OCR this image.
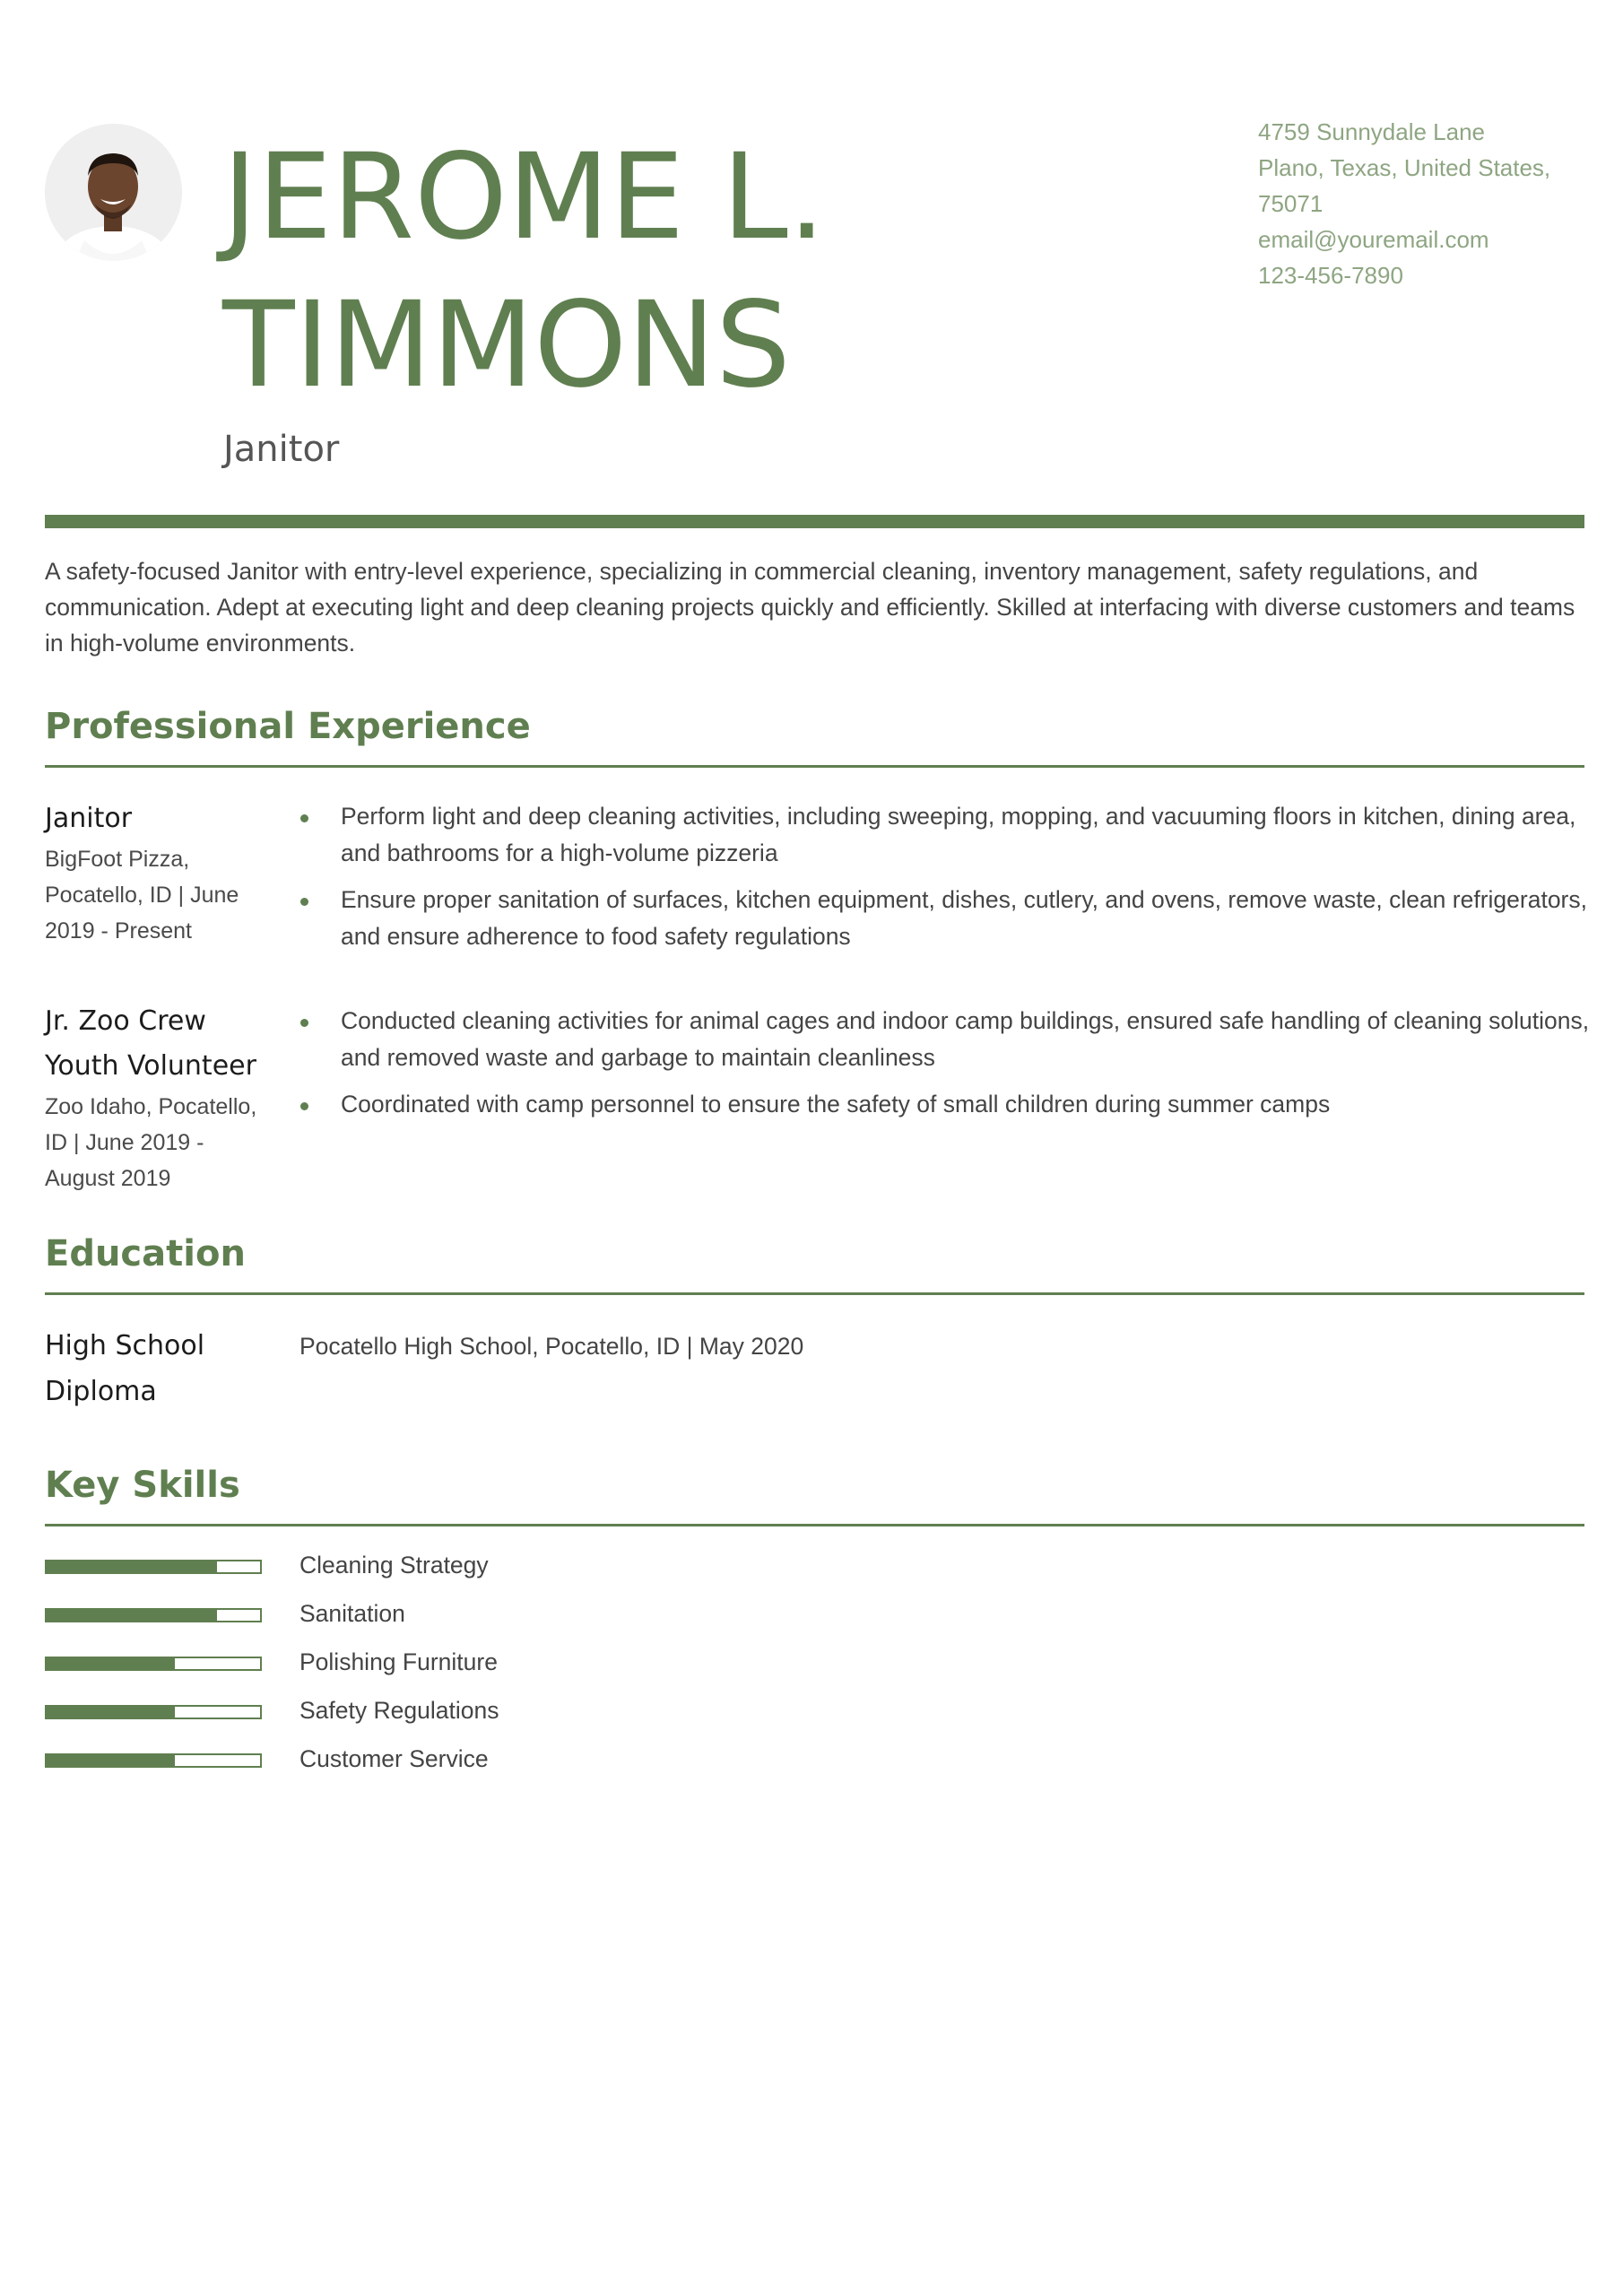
JEROME L.
TIMMONS
Janitor
4759 Sunnydale Lane
Plano, Texas, United States,
75071
email@youremail.com
123-456-7890
A safety-focused Janitor with entry-level experience, specializing in commercial cleaning, inventory management, safety regulations, and communication. Adept at executing light and deep cleaning projects quickly and efficiently. Skilled at interfacing with diverse customers and teams in high-volume environments.
Professional Experience
Janitor
BigFoot Pizza, Pocatello, ID | June 2019 - Present
Perform light and deep cleaning activities, including sweeping, mopping, and vacuuming floors in kitchen, dining area, and bathrooms for a high-volume pizzeria
Ensure proper sanitation of surfaces, kitchen equipment, dishes, cutlery, and ovens, remove waste, clean refrigerators, and ensure adherence to food safety regulations
Jr. Zoo Crew Youth Volunteer
Zoo Idaho, Pocatello, ID | June 2019 - August 2019
Conducted cleaning activities for animal cages and indoor camp buildings, ensured safe handling of cleaning solutions, and removed waste and garbage to maintain cleanliness
Coordinated with camp personnel to ensure the safety of small children during summer camps
Education
High School Diploma
Pocatello High School, Pocatello, ID | May 2020
Key Skills
Cleaning Strategy
Sanitation
Polishing Furniture
Safety Regulations
Customer Service
